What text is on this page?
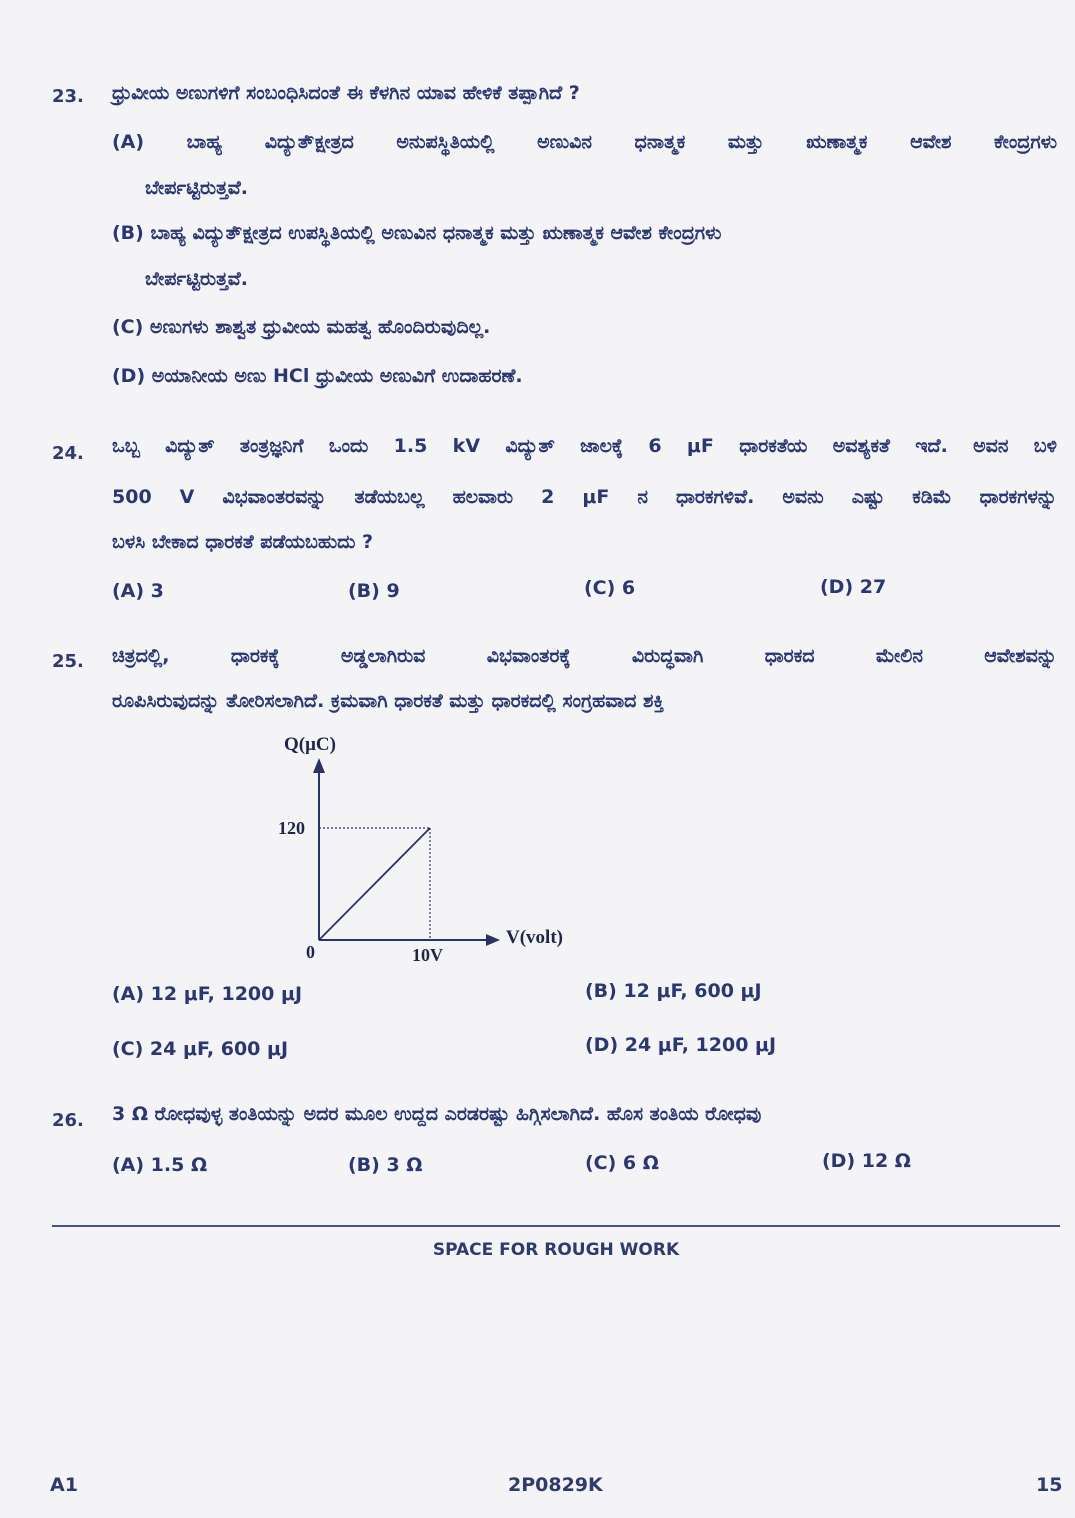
23. ಧ್ರುವೀಯ ಅಣುಗಳಿಗೆ ಸಂಬಂಧಿಸಿದಂತೆ ಈ ಕೆಳಗಿನ ಯಾವ ಹೇಳಿಕೆ ತಪ್ಪಾಗಿದೆ ?
(A) ಬಾಹ್ಯ ವಿದ್ಯುತ್ಕ್ಷೇತ್ರದ ಅನುಪಸ್ಥಿತಿಯಲ್ಲಿ ಅಣುವಿನ ಧನಾತ್ಮಕ ಮತ್ತು ಋಣಾತ್ಮಕ ಆವೇಶ ಕೇಂದ್ರಗಳು
ಬೇರ್ಪಟ್ಟಿರುತ್ತವೆ.
(B) ಬಾಹ್ಯ ವಿದ್ಯುತ್ಕ್ಷೇತ್ರದ ಉಪಸ್ಥಿತಿಯಲ್ಲಿ ಅಣುವಿನ ಧನಾತ್ಮಕ ಮತ್ತು ಋಣಾತ್ಮಕ ಆವೇಶ ಕೇಂದ್ರಗಳು
ಬೇರ್ಪಟ್ಟಿರುತ್ತವೆ.
(C) ಅಣುಗಳು ಶಾಶ್ವತ ಧ್ರುವೀಯ ಮಹತ್ವ ಹೊಂದಿರುವುದಿಲ್ಲ.
(D) ಅಯಾನೀಯ ಅಣು HCl ಧ್ರುವೀಯ ಅಣುವಿಗೆ ಉದಾಹರಣೆ.
24. ಒಬ್ಬ ವಿದ್ಯುತ್ ತಂತ್ರಜ್ಞನಿಗೆ ಒಂದು 1.5 kV ವಿದ್ಯುತ್ ಜಾಲಕ್ಕೆ 6 μF ಧಾರಕತೆಯ ಅವಶ್ಯಕತೆ ಇದೆ. ಅವನ ಬಳಿ
500 V ವಿಭವಾಂತರವನ್ನು ತಡೆಯಬಲ್ಲ ಹಲವಾರು 2 μF ನ ಧಾರಕಗಳಿವೆ. ಅವನು ಎಷ್ಟು ಕಡಿಮೆ ಧಾರಕಗಳನ್ನು
ಬಳಸಿ ಬೇಕಾದ ಧಾರಕತೆ ಪಡೆಯಬಹುದು ?
(A) 3	(B) 9	(C) 6	(D) 27
25. ಚಿತ್ರದಲ್ಲಿ, ಧಾರಕಕ್ಕೆ ಅಡ್ಡಲಾಗಿರುವ ವಿಭವಾಂತರಕ್ಕೆ ವಿರುದ್ಧವಾಗಿ ಧಾರಕದ ಮೇಲಿನ ಆವೇಶವನ್ನು
ರೂಪಿಸಿರುವುದನ್ನು ತೋರಿಸಲಾಗಿದೆ. ಕ್ರಮವಾಗಿ ಧಾರಕತೆ ಮತ್ತು ಧಾರಕದಲ್ಲಿ ಸಂಗ್ರಹವಾದ ಶಕ್ತಿ
Q(μC)
V(volt)
120
0	10V
(A) 12 μF, 1200 μJ	(B) 12 μF, 600 μJ
(C) 24 μF, 600 μJ	(D) 24 μF, 1200 μJ
26. 3 Ω ರೋಧವುಳ್ಳ ತಂತಿಯನ್ನು ಅದರ ಮೂಲ ಉದ್ದದ ಎರಡರಷ್ಟು ಹಿಗ್ಗಿಸಲಾಗಿದೆ. ಹೊಸ ತಂತಿಯ ರೋಧವು
(A) 1.5 Ω	(B) 3 Ω	(C) 6 Ω	(D) 12 Ω
SPACE FOR ROUGH WORK
A1	2P0829K	15
